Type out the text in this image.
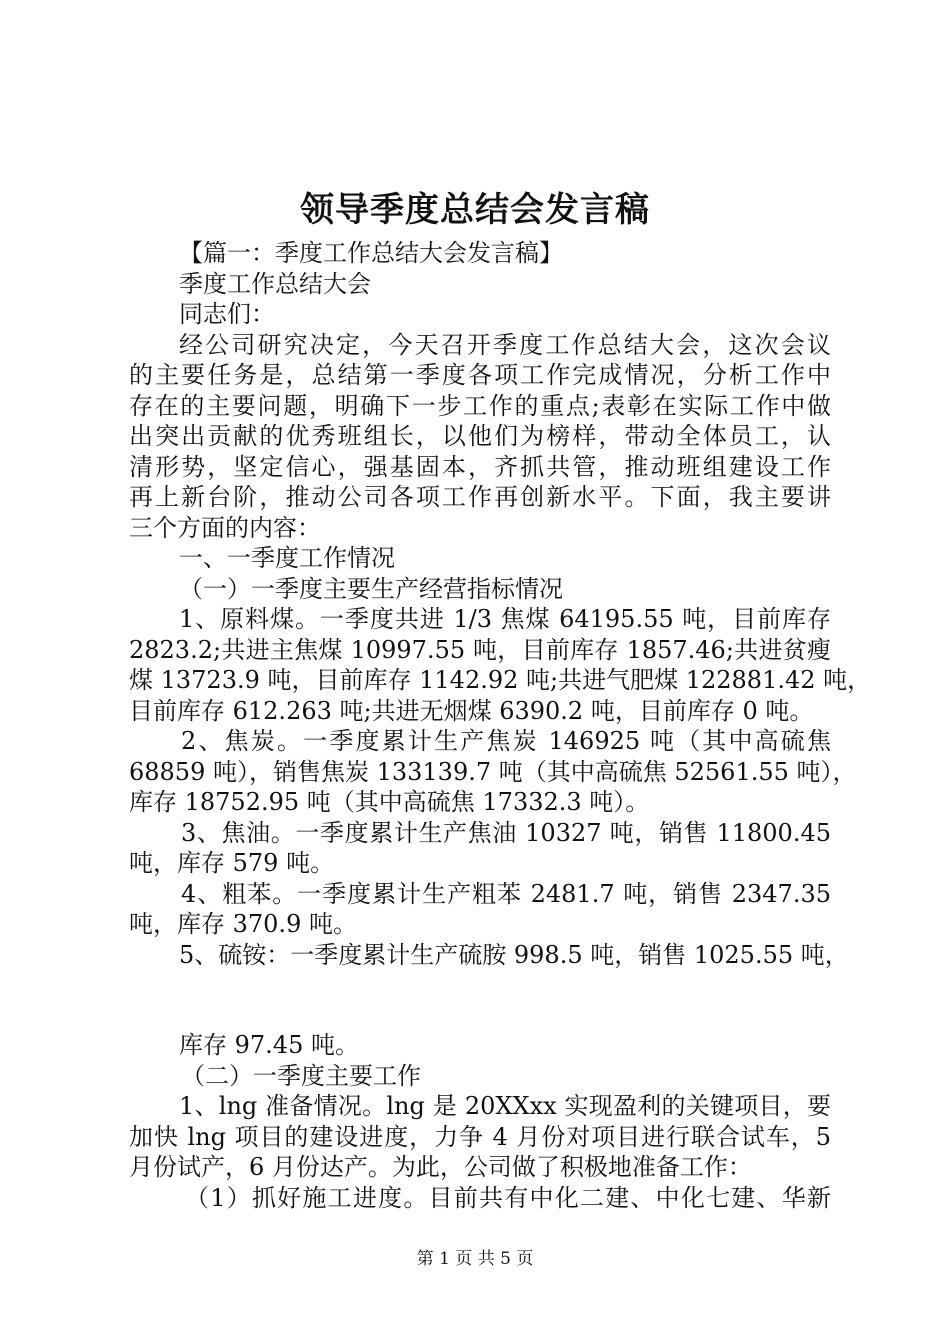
领导季度总结会发言稿
【篇一：季度工作总结大会发言稿】
季度工作总结大会
同志们：
经公司研究决定，今天召开季度工作总结大会，这次会议
的主要任务是，总结第一季度各项工作完成情况，分析工作中
存在的主要问题，明确下一步工作的重点;表彰在实际工作中做
出突出贡献的优秀班组长，以他们为榜样，带动全体员工，认
清形势，坚定信心，强基固本，齐抓共管，推动班组建设工作
再上新台阶，推动公司各项工作再创新水平。下面，我主要讲
三个方面的内容：
一、一季度工作情况
（一）一季度主要生产经营指标情况
1、原料煤。一季度共进 1/3 焦煤 64195.55 吨，目前库存
2823.2;共进主焦煤 10997.55 吨，目前库存 1857.46;共进贫瘦
煤 13723.9 吨，目前库存 1142.92 吨;共进气肥煤 122881.42 吨，
目前库存 612.263 吨;共进无烟煤 6390.2 吨，目前库存 0 吨。
2、焦炭。一季度累计生产焦炭 146925 吨（其中高硫焦
68859 吨），销售焦炭 133139.7 吨（其中高硫焦 52561.55 吨），
库存 18752.95 吨（其中高硫焦 17332.3 吨）。
3、焦油。一季度累计生产焦油 10327 吨，销售 11800.45
吨，库存 579 吨。
4、粗苯。一季度累计生产粗苯 2481.7 吨，销售 2347.35
吨，库存 370.9 吨。
5、硫铵：一季度累计生产硫胺 998.5 吨，销售 1025.55 吨，
库存 97.45 吨。
（二）一季度主要工作
1、lng 准备情况。lng 是 20XXxx 实现盈利的关键项目，要
加快 lng 项目的建设进度，力争 4 月份对项目进行联合试车，5
月份试产，6 月份达产。为此，公司做了积极地准备工作：
（1）抓好施工进度。目前共有中化二建、中化七建、华新
第 1 页 共 5 页
